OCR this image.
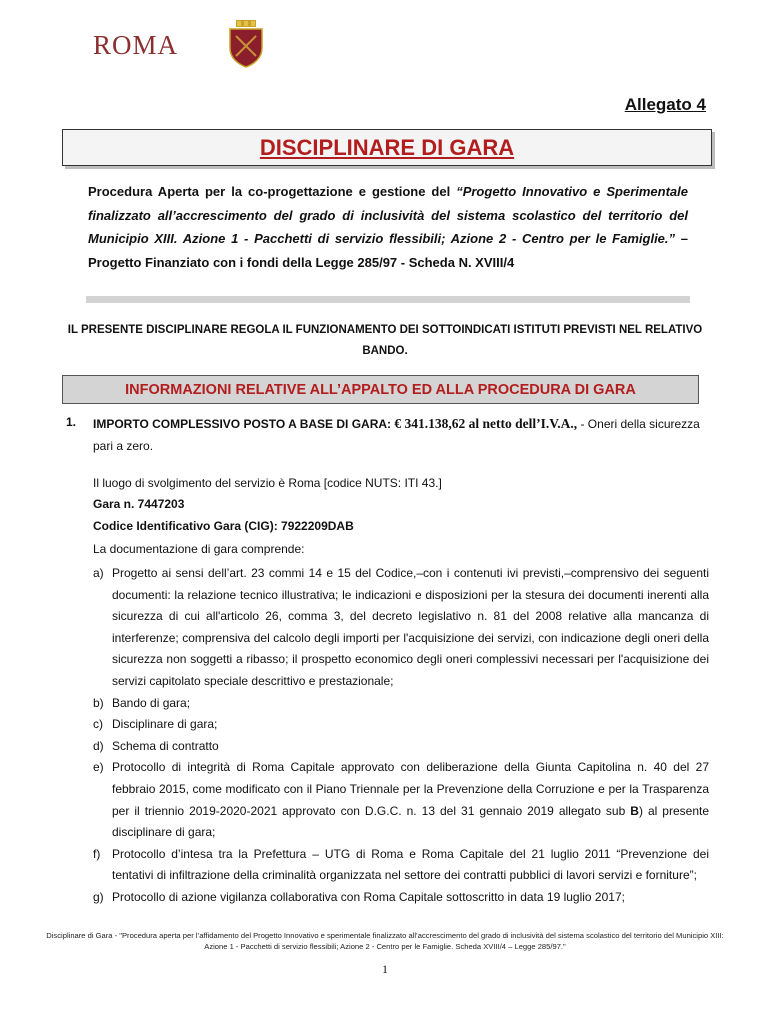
ROMA
Allegato 4
DISCIPLINARE DI GARA
Procedura Aperta per la co-progettazione e gestione del “Progetto Innovativo e Sperimentale finalizzato all’accrescimento del grado di inclusività del sistema scolastico del territorio del Municipio XIII. Azione 1 - Pacchetti di servizio flessibili; Azione 2 - Centro per le Famiglie.” – Progetto Finanziato con i fondi della Legge 285/97 - Scheda N. XVIII/4
IL PRESENTE DISCIPLINARE REGOLA IL FUNZIONAMENTO DEI SOTTOINDICATI ISTITUTI PREVISTI NEL RELATIVO BANDO.
INFORMAZIONI RELATIVE ALL’APPALTO ED ALLA PROCEDURA DI GARA
1. IMPORTO COMPLESSIVO POSTO A BASE DI GARA: € 341.138,62 al netto dell’I.V.A., - Oneri della sicurezza pari a zero.
Il luogo di svolgimento del servizio è Roma [codice NUTS: ITI 43.]
Gara n. 7447203
Codice Identificativo Gara (CIG): 7922209DAB
La documentazione di gara comprende:
a) Progetto ai sensi dell’art. 23 commi 14 e 15 del Codice,–con i contenuti ivi previsti,–comprensivo dei seguenti documenti: la relazione tecnico illustrativa; le indicazioni e disposizioni per la stesura dei documenti inerenti alla sicurezza di cui all'articolo 26, comma 3, del decreto legislativo n. 81 del 2008 relative alla mancanza di interferenze; comprensiva del calcolo degli importi per l'acquisizione dei servizi, con indicazione degli oneri della sicurezza non soggetti a ribasso; il prospetto economico degli oneri complessivi necessari per l'acquisizione dei servizi capitolato speciale descrittivo e prestazionale;
b) Bando di gara;
c) Disciplinare di gara;
d) Schema di contratto
e) Protocollo di integrità di Roma Capitale approvato con deliberazione della Giunta Capitolina n. 40 del 27 febbraio 2015, come modificato con il Piano Triennale per la Prevenzione della Corruzione e per la Trasparenza per il triennio 2019-2020-2021 approvato con D.G.C. n. 13 del 31 gennaio 2019 allegato sub B) al presente disciplinare di gara;
f) Protocollo d’intesa tra la Prefettura – UTG di Roma e Roma Capitale del 21 luglio 2011 “Prevenzione dei tentativi di infiltrazione della criminalità organizzata nel settore dei contratti pubblici di lavori servizi e forniture”;
g) Protocollo di azione vigilanza collaborativa con Roma Capitale sottoscritto in data 19 luglio 2017;
Disciplinare di Gara - "Procedura aperta per l’affidamento del Progetto Innovativo e sperimentale finalizzato all’accrescimento del grado di inclusività del sistema scolastico del territorio del Municipio XIII: Azione 1 - Pacchetti di servizio flessibili; Azione 2 - Centro per le Famiglie. Scheda XVIII/4 – Legge 285/97."
1
